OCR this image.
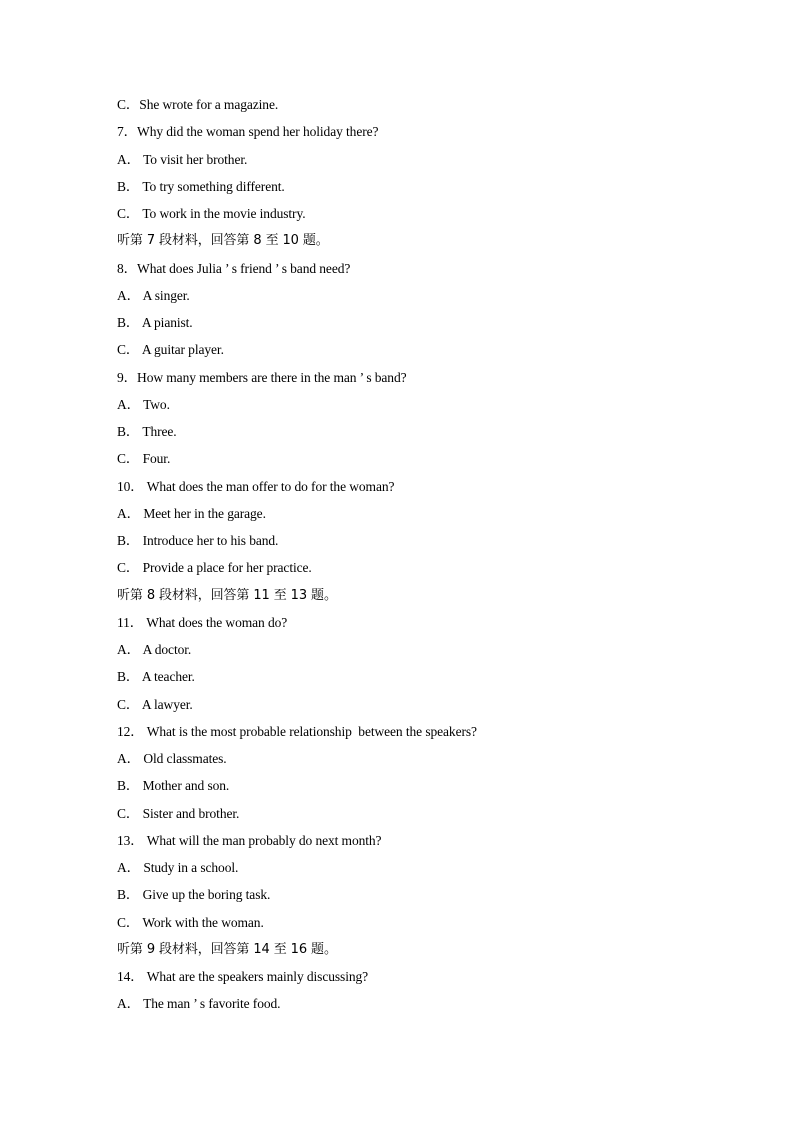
C．She wrote for a magazine.
7．Why did the woman spend her holiday there?
A． To visit her brother.
B． To try something different.
C． To work in the movie industry.
听第 7 段材料，回答第 8 至 10 题。
8．What does Julia ’ s friend ’ s band need?
A． A singer.
B． A pianist.
C． A guitar player.
9．How many members are there in the man ’ s band?
A． Two.
B． Three.
C． Four.
10． What does the man offer to do for the woman?
A． Meet her in the garage.
B． Introduce her to his band.
C． Provide a place for her practice.
听第 8 段材料，回答第 11 至 13 题。
11． What does the woman do?
A． A doctor.
B． A teacher.
C． A lawyer.
12． What is the most probable relationship  between the speakers?
A． Old classmates.
B． Mother and son.
C． Sister and brother.
13． What will the man probably do next month?
A． Study in a school.
B． Give up the boring task.
C． Work with the woman.
听第 9 段材料，回答第 14 至 16 题。
14． What are the speakers mainly discussing?
A． The man ’ s favorite food.
